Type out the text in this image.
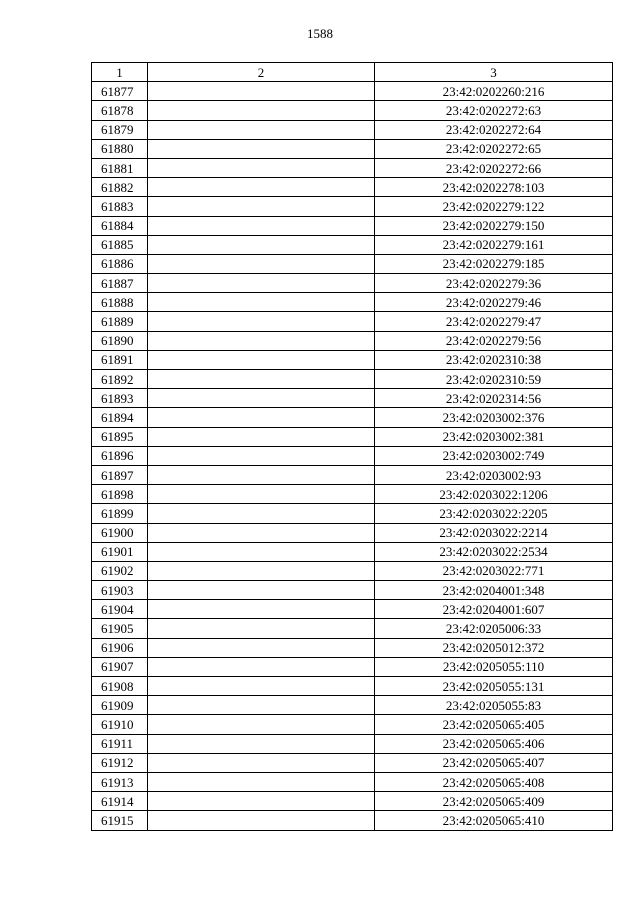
1588
1	2	3
61877		23:42:0202260:216
61878		23:42:0202272:63
61879		23:42:0202272:64
61880		23:42:0202272:65
61881		23:42:0202272:66
61882		23:42:0202278:103
61883		23:42:0202279:122
61884		23:42:0202279:150
61885		23:42:0202279:161
61886		23:42:0202279:185
61887		23:42:0202279:36
61888		23:42:0202279:46
61889		23:42:0202279:47
61890		23:42:0202279:56
61891		23:42:0202310:38
61892		23:42:0202310:59
61893		23:42:0202314:56
61894		23:42:0203002:376
61895		23:42:0203002:381
61896		23:42:0203002:749
61897		23:42:0203002:93
61898		23:42:0203022:1206
61899		23:42:0203022:2205
61900		23:42:0203022:2214
61901		23:42:0203022:2534
61902		23:42:0203022:771
61903		23:42:0204001:348
61904		23:42:0204001:607
61905		23:42:0205006:33
61906		23:42:0205012:372
61907		23:42:0205055:110
61908		23:42:0205055:131
61909		23:42:0205055:83
61910		23:42:0205065:405
61911		23:42:0205065:406
61912		23:42:0205065:407
61913		23:42:0205065:408
61914		23:42:0205065:409
61915		23:42:0205065:410
